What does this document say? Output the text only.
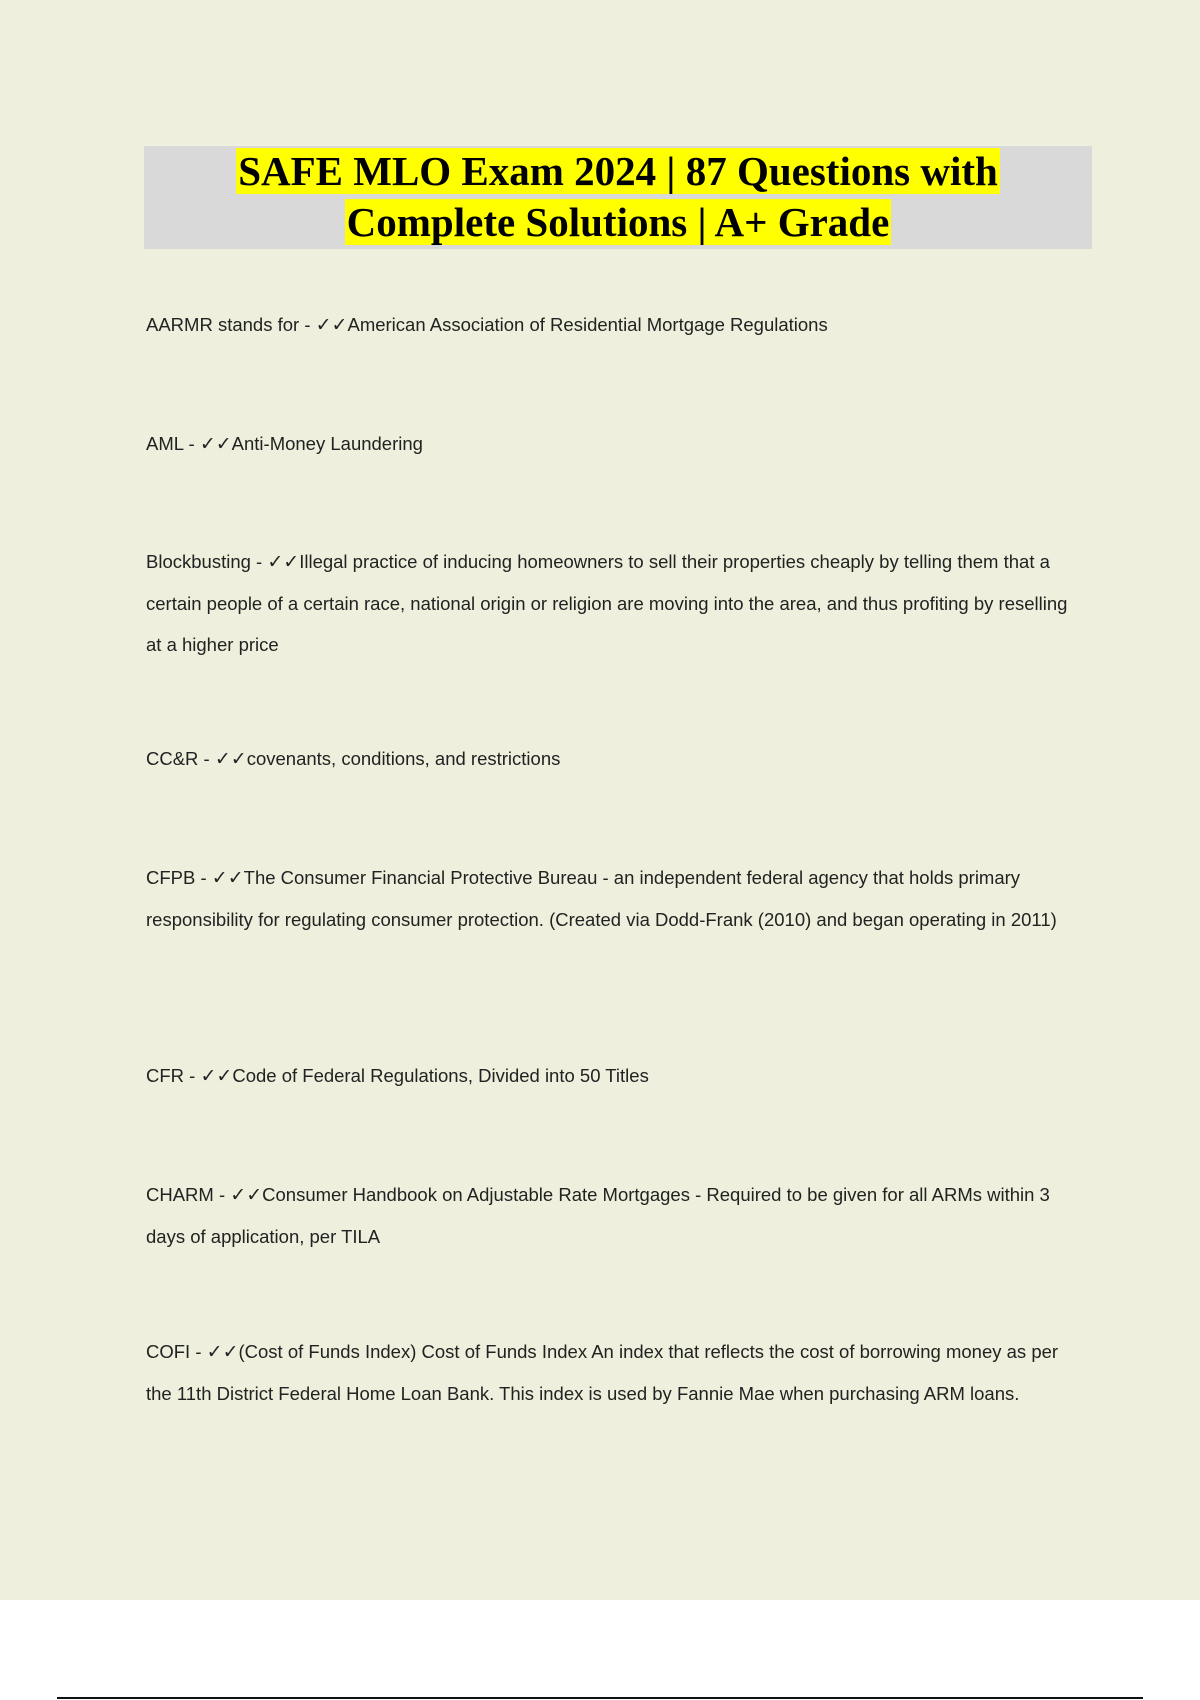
SAFE MLO Exam 2024 | 87 Questions with
Complete Solutions | A+ Grade

AARMR stands for - ✓✓American Association of Residential Mortgage Regulations

AML - ✓✓Anti-Money Laundering

Blockbusting - ✓✓Illegal practice of inducing homeowners to sell their properties cheaply by telling them that a certain people of a certain race, national origin or religion are moving into the area, and thus profiting by reselling at a higher price

CC&R - ✓✓covenants, conditions, and restrictions

CFPB - ✓✓The Consumer Financial Protective Bureau - an independent federal agency that holds primary responsibility for regulating consumer protection. (Created via Dodd-Frank (2010) and began operating in 2011)

CFR - ✓✓Code of Federal Regulations, Divided into 50 Titles

CHARM - ✓✓Consumer Handbook on Adjustable Rate Mortgages - Required to be given for all ARMs within 3 days of application, per TILA

COFI - ✓✓(Cost of Funds Index) Cost of Funds Index An index that reflects the cost of borrowing money as per the 11th District Federal Home Loan Bank. This index is used by Fannie Mae when purchasing ARM loans.
